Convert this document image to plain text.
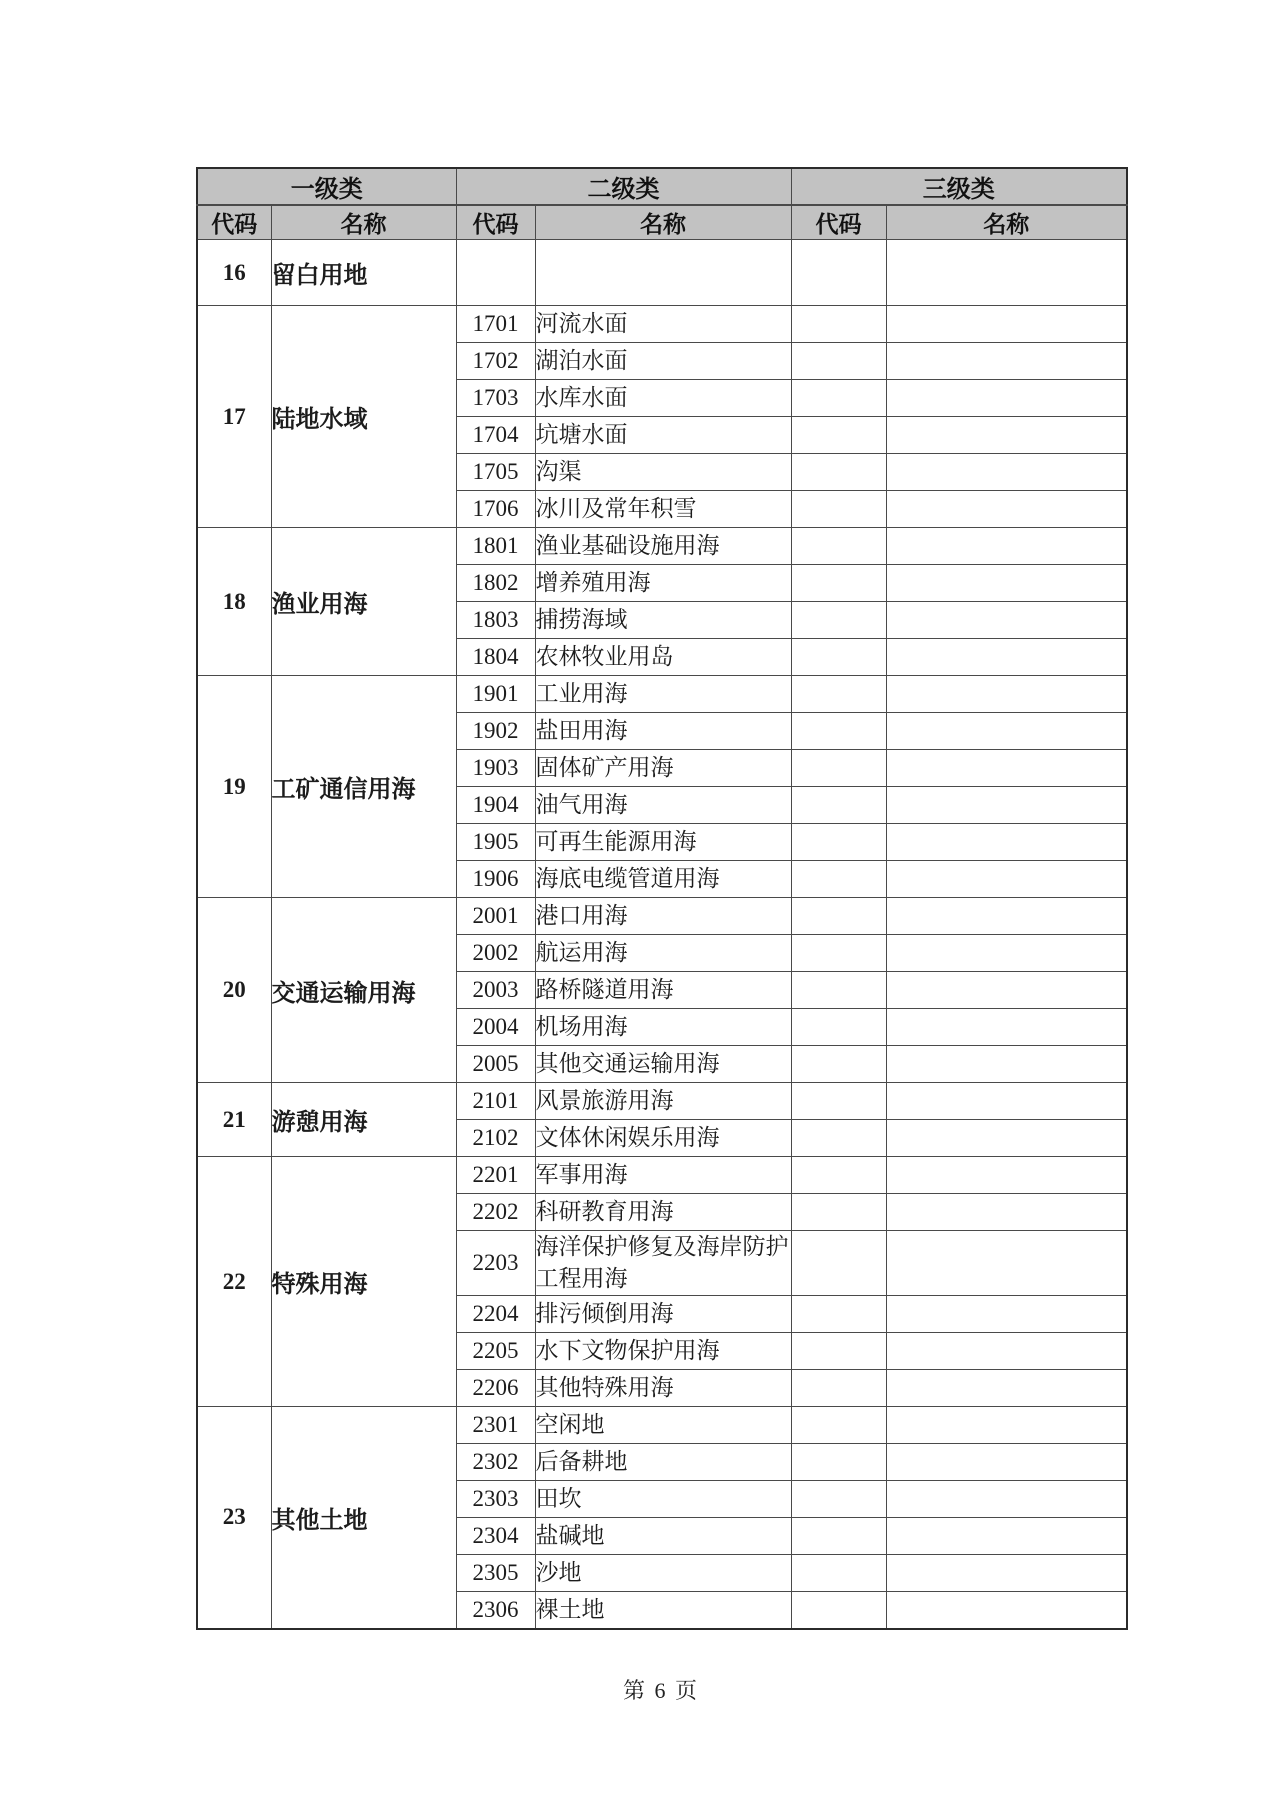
一级类		二级类		三级类	
代码	名称	代码	名称	代码	名称
16	留白用地				
17	陆地水域	1701	河流水面		
		1702	湖泊水面		
		1703	水库水面		
		1704	坑塘水面		
		1705	沟渠		
		1706	冰川及常年积雪		
18	渔业用海	1801	渔业基础设施用海		
		1802	增养殖用海		
		1803	捕捞海域		
		1804	农林牧业用岛		
19	工矿通信用海	1901	工业用海		
		1902	盐田用海		
		1903	固体矿产用海		
		1904	油气用海		
		1905	可再生能源用海		
		1906	海底电缆管道用海		
20	交通运输用海	2001	港口用海		
		2002	航运用海		
		2003	路桥隧道用海		
		2004	机场用海		
		2005	其他交通运输用海		
21	游憩用海	2101	风景旅游用海		
		2102	文体休闲娱乐用海		
22	特殊用海	2201	军事用海		
		2202	科研教育用海		
		2203	海洋保护修复及海岸防护工程用海		
		2204	排污倾倒用海		
		2205	水下文物保护用海		
		2206	其他特殊用海		
23	其他土地	2301	空闲地		
		2302	后备耕地		
		2303	田坎		
		2304	盐碱地		
		2305	沙地		
		2306	裸土地		
第 6 页
